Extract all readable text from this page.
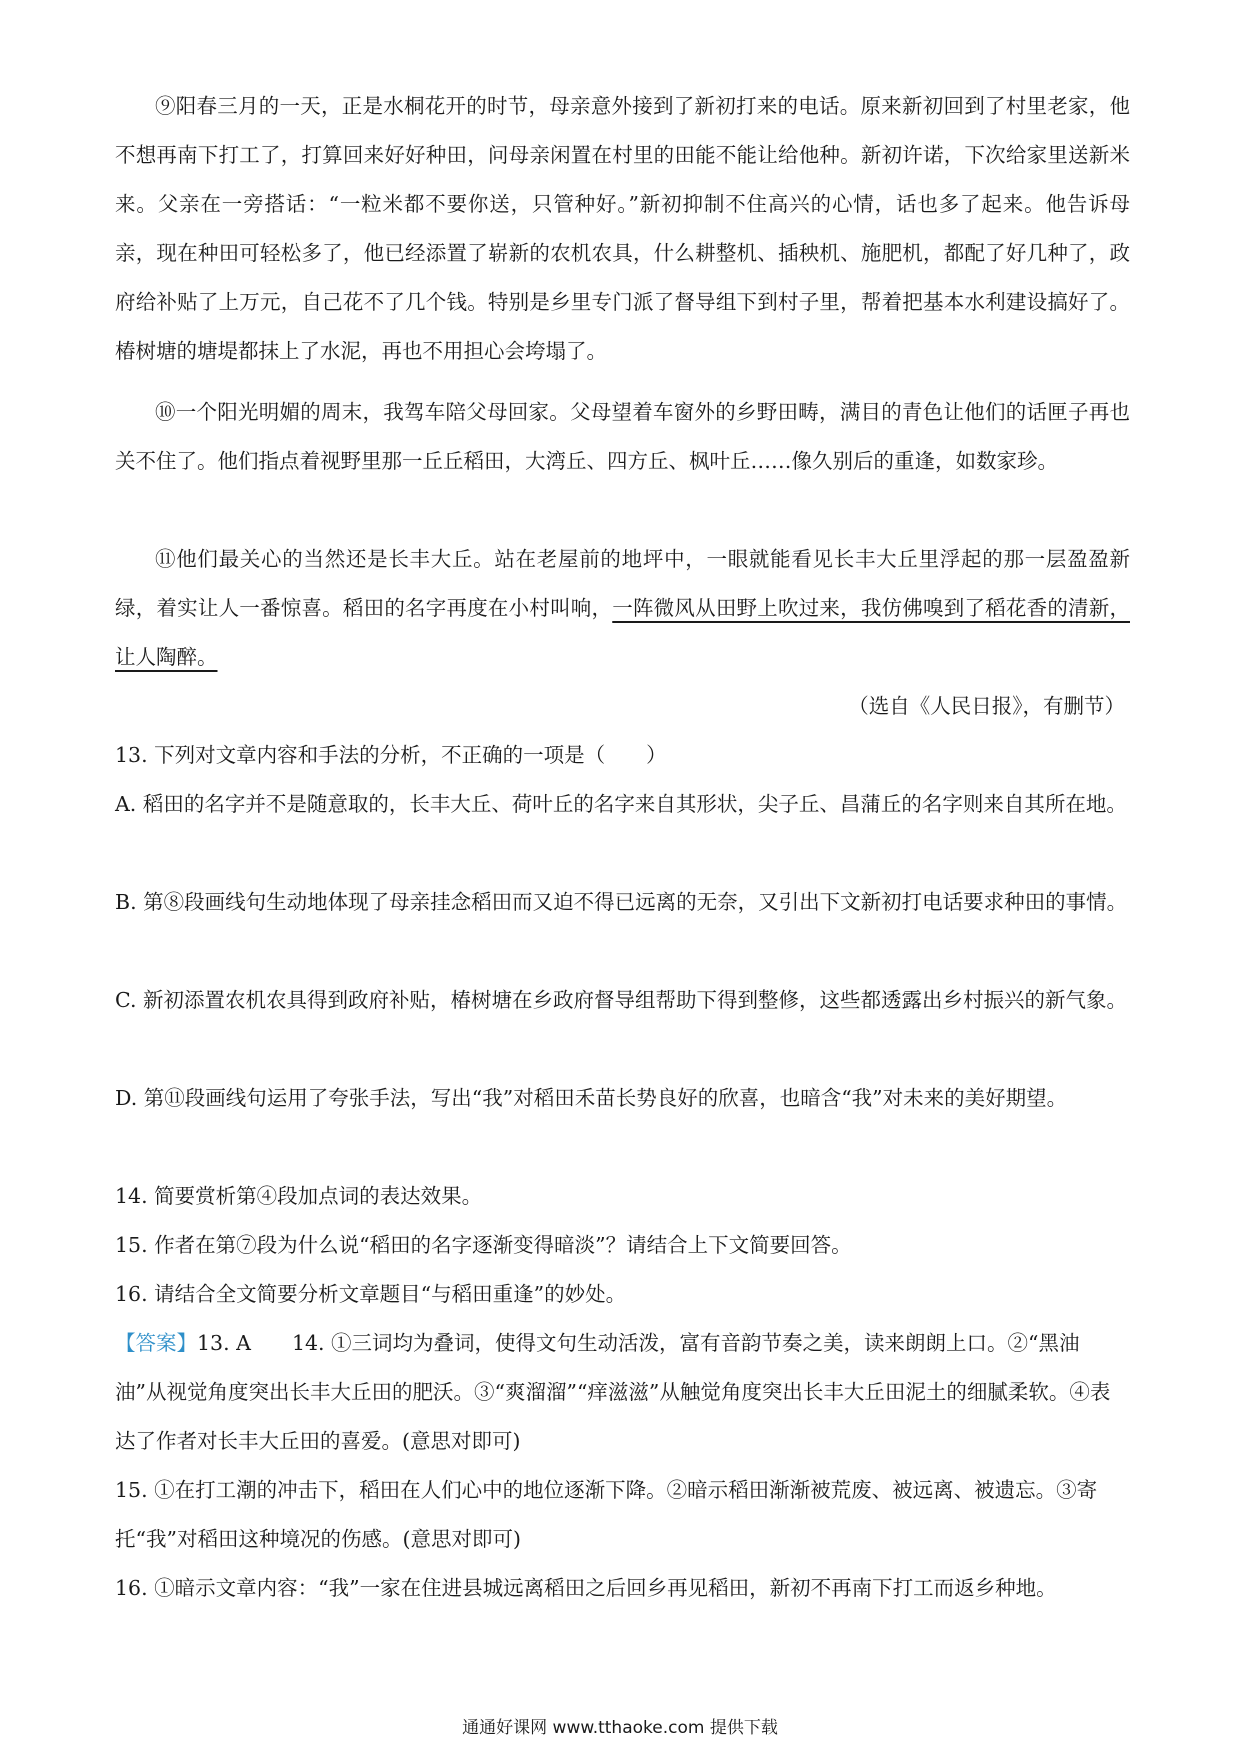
⑨阳春三月的一天，正是水桐花开的时节，母亲意外接到了新初打来的电话。原来新初回到了村里老家，他不想再南下打工了，打算回来好好种田，问母亲闲置在村里的田能不能让给他种。新初许诺，下次给家里送新米来。父亲在一旁搭话：“一粒米都不要你送，只管种好。”新初抑制不住高兴的心情，话也多了起来。他告诉母亲，现在种田可轻松多了，他已经添置了崭新的农机农具，什么耕整机、插秧机、施肥机，都配了好几种了，政府给补贴了上万元，自己花不了几个钱。特别是乡里专门派了督导组下到村子里，帮着把基本水利建设搞好了。椿树塘的塘堤都抹上了水泥，再也不用担心会垮塌了。

⑩一个阳光明媚的周末，我驾车陪父母回家。父母望着车窗外的乡野田畴，满目的青色让他们的话匣子再也关不住了。他们指点着视野里那一丘丘稻田，大湾丘、四方丘、枫叶丘……像久别后的重逢，如数家珍。

⑪他们最关心的当然还是长丰大丘。站在老屋前的地坪中，一眼就能看见长丰大丘里浮起的那一层盈盈新绿，着实让人一番惊喜。稻田的名字再度在小村叫响，一阵微风从田野上吹过来，我仿佛嗅到了稻花香的清新，让人陶醉。

（选自《人民日报》，有删节）

13. 下列对文章内容和手法的分析，不正确的一项是（　　）

A. 稻田的名字并不是随意取的，长丰大丘、荷叶丘的名字来自其形状，尖子丘、昌蒲丘的名字则来自其所在地。

B. 第⑧段画线句生动地体现了母亲挂念稻田而又迫不得已远离的无奈，又引出下文新初打电话要求种田的事情。

C. 新初添置农机农具得到政府补贴，椿树塘在乡政府督导组帮助下得到整修，这些都透露出乡村振兴的新气象。

D. 第⑪段画线句运用了夸张手法，写出“我”对稻田禾苗长势良好的欣喜，也暗含“我”对未来的美好期望。

14. 简要赏析第④段加点词的表达效果。

15. 作者在第⑦段为什么说“稻田的名字逐渐变得暗淡”？请结合上下文简要回答。

16. 请结合全文简要分析文章题目“与稻田重逢”的妙处。

【答案】13. A　　14. ①三词均为叠词，使得文句生动活泼，富有音韵节奏之美，读来朗朗上口。②“黑油油”从视觉角度突出长丰大丘田的肥沃。③“爽溜溜”“痒滋滋”从触觉角度突出长丰大丘田泥土的细腻柔软。④表达了作者对长丰大丘田的喜爱。(意思对即可)

15. ①在打工潮的冲击下，稻田在人们心中的地位逐渐下降。②暗示稻田渐渐被荒废、被远离、被遗忘。③寄托“我”对稻田这种境况的伤感。(意思对即可)

16. ①暗示文章内容：“我”一家在住进县城远离稻田之后回乡再见稻田，新初不再南下打工而返乡种地。

通通好课网 www.tthaoke.com 提供下载
